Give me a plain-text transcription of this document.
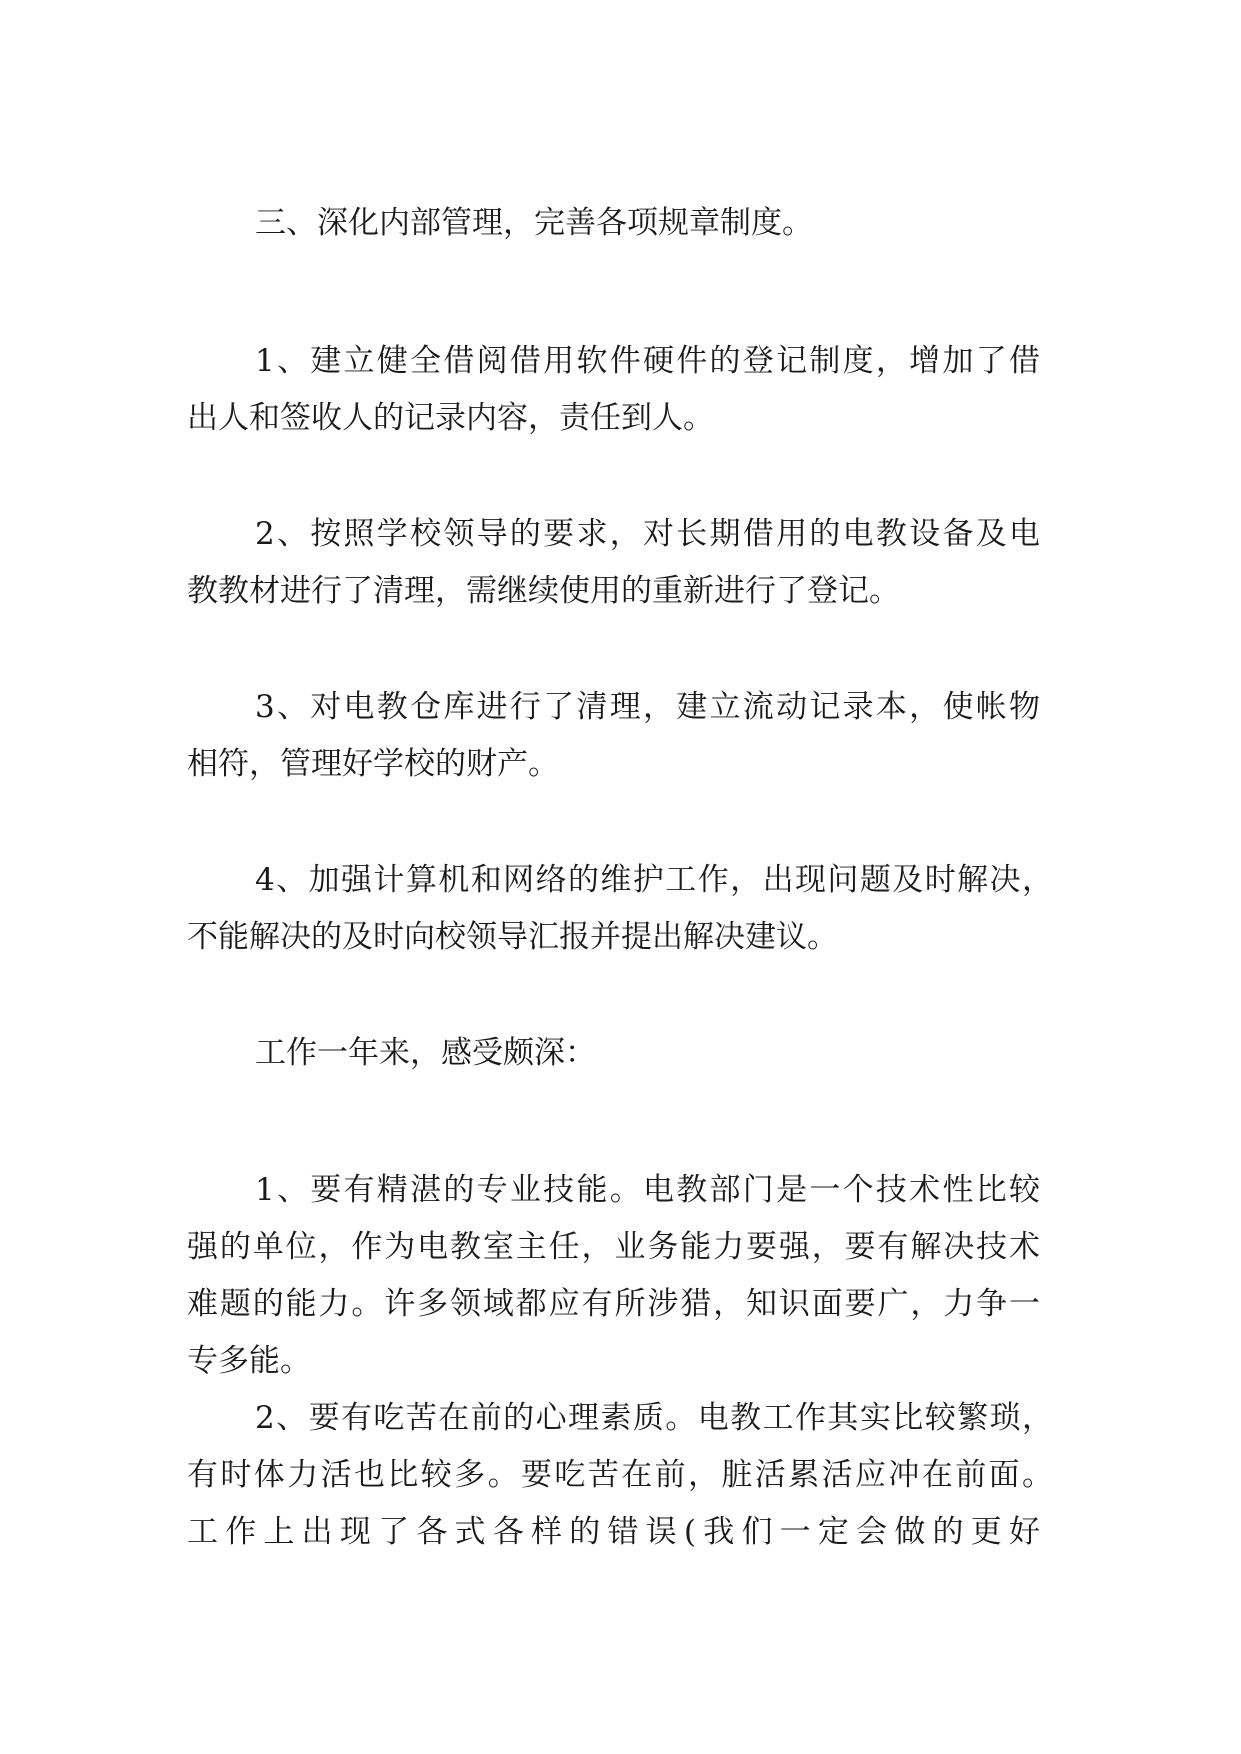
三、深化内部管理，完善各项规章制度。
1、建立健全借阅借用软件硬件的登记制度，增加了借
出人和签收人的记录内容，责任到人。
2、按照学校领导的要求，对长期借用的电教设备及电
教教材进行了清理，需继续使用的重新进行了登记。
3、对电教仓库进行了清理，建立流动记录本，使帐物
相符，管理好学校的财产。
4、加强计算机和网络的维护工作，出现问题及时解决，
不能解决的及时向校领导汇报并提出解决建议。
工作一年来，感受颇深：
1、要有精湛的专业技能。电教部门是一个技术性比较
强的单位，作为电教室主任，业务能力要强，要有解决技术
难题的能力。许多领域都应有所涉猎，知识面要广，力争一
专多能。
2、要有吃苦在前的心理素质。电教工作其实比较繁琐，
有时体力活也比较多。要吃苦在前，脏活累活应冲在前面。
工作上出现了各式各样的错误(我们一定会做的更好
